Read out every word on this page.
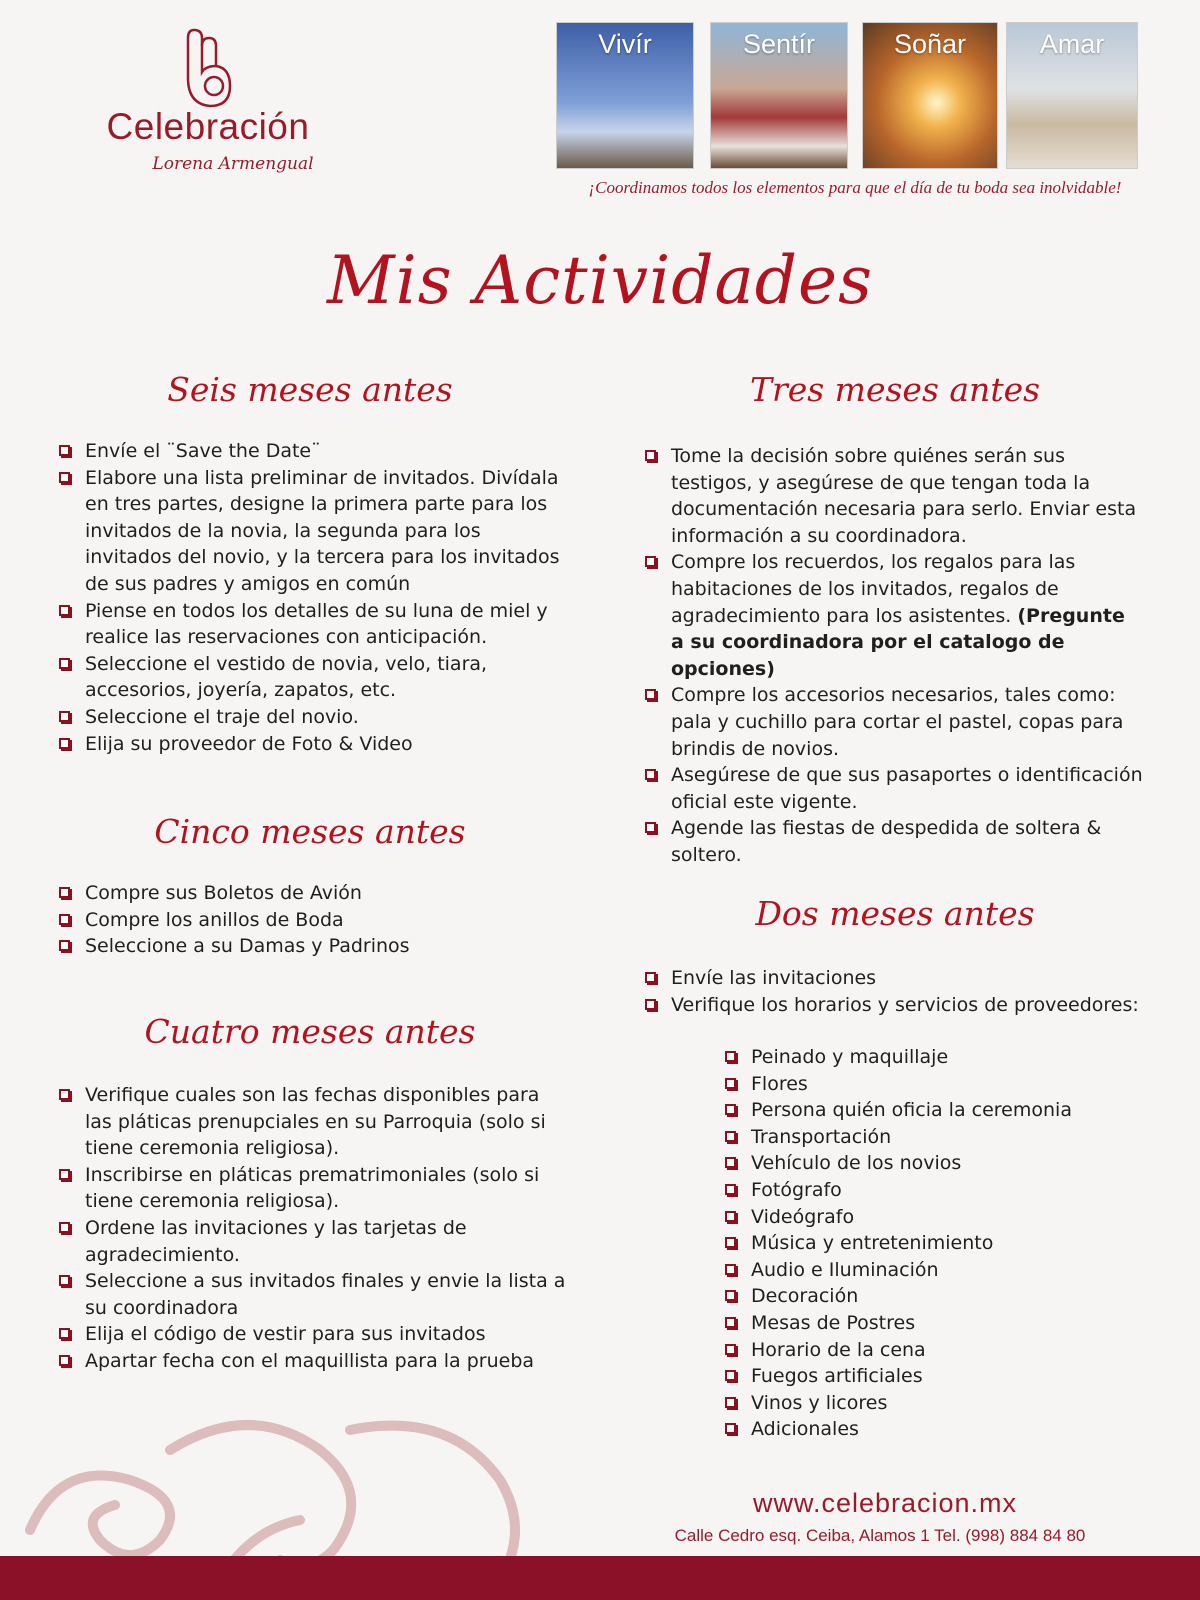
Celebración
Lorena Armengual
Vivír	Sentír	Soñar	Amar
¡Coordinamos todos los elementos para que el día de tu boda sea inolvidable!
Mis Actividades
Seis meses antes
Envíe el ¨Save the Date¨
Elabore una lista preliminar de invitados. Divídala en tres partes, designe la primera parte para los invitados de la novia, la segunda para los invitados del novio, y la tercera para los invitados de sus padres y amigos en común
Piense en todos los detalles de su luna de miel y realice las reservaciones con anticipación.
Seleccione el vestido de novia, velo, tiara, accesorios, joyería, zapatos, etc.
Seleccione el traje del novio.
Elija su proveedor de Foto & Video
Cinco meses antes
Compre sus Boletos de Avión
Compre los anillos de Boda
Seleccione a su Damas y Padrinos
Cuatro meses antes
Verifique cuales son las fechas disponibles para las pláticas prenupciales en su Parroquia (solo si tiene ceremonia religiosa).
Inscribirse en pláticas prematrimoniales (solo si tiene ceremonia religiosa).
Ordene las invitaciones y las tarjetas de agradecimiento.
Seleccione a sus invitados finales y envie la lista a su coordinadora
Elija el código de vestir para sus invitados
Apartar fecha con el maquillista para la prueba
Tres meses antes
Tome la decisión sobre quiénes serán sus testigos, y asegúrese de que tengan toda la documentación necesaria para serlo. Enviar esta información a su coordinadora.
Compre los recuerdos, los regalos para las habitaciones de los invitados, regalos de agradecimiento para los asistentes. (Pregunte a su coordinadora por el catalogo de opciones)
Compre los accesorios necesarios, tales como: pala y cuchillo para cortar el pastel, copas para brindis de novios.
Asegúrese de que sus pasaportes o identificación oficial este vigente.
Agende las fiestas de despedida de soltera & soltero.
Dos meses antes
Envíe las invitaciones
Verifique los horarios y servicios de proveedores:
Peinado y maquillaje
Flores
Persona quién oficia la ceremonia
Transportación
Vehículo de los novios
Fotógrafo
Videógrafo
Música y entretenimiento
Audio e Iluminación
Decoración
Mesas de Postres
Horario de la cena
Fuegos artificiales
Vinos y licores
Adicionales
www.celebracion.mx
Calle Cedro esq. Ceiba, Alamos 1 Tel. (998) 884 84 80
